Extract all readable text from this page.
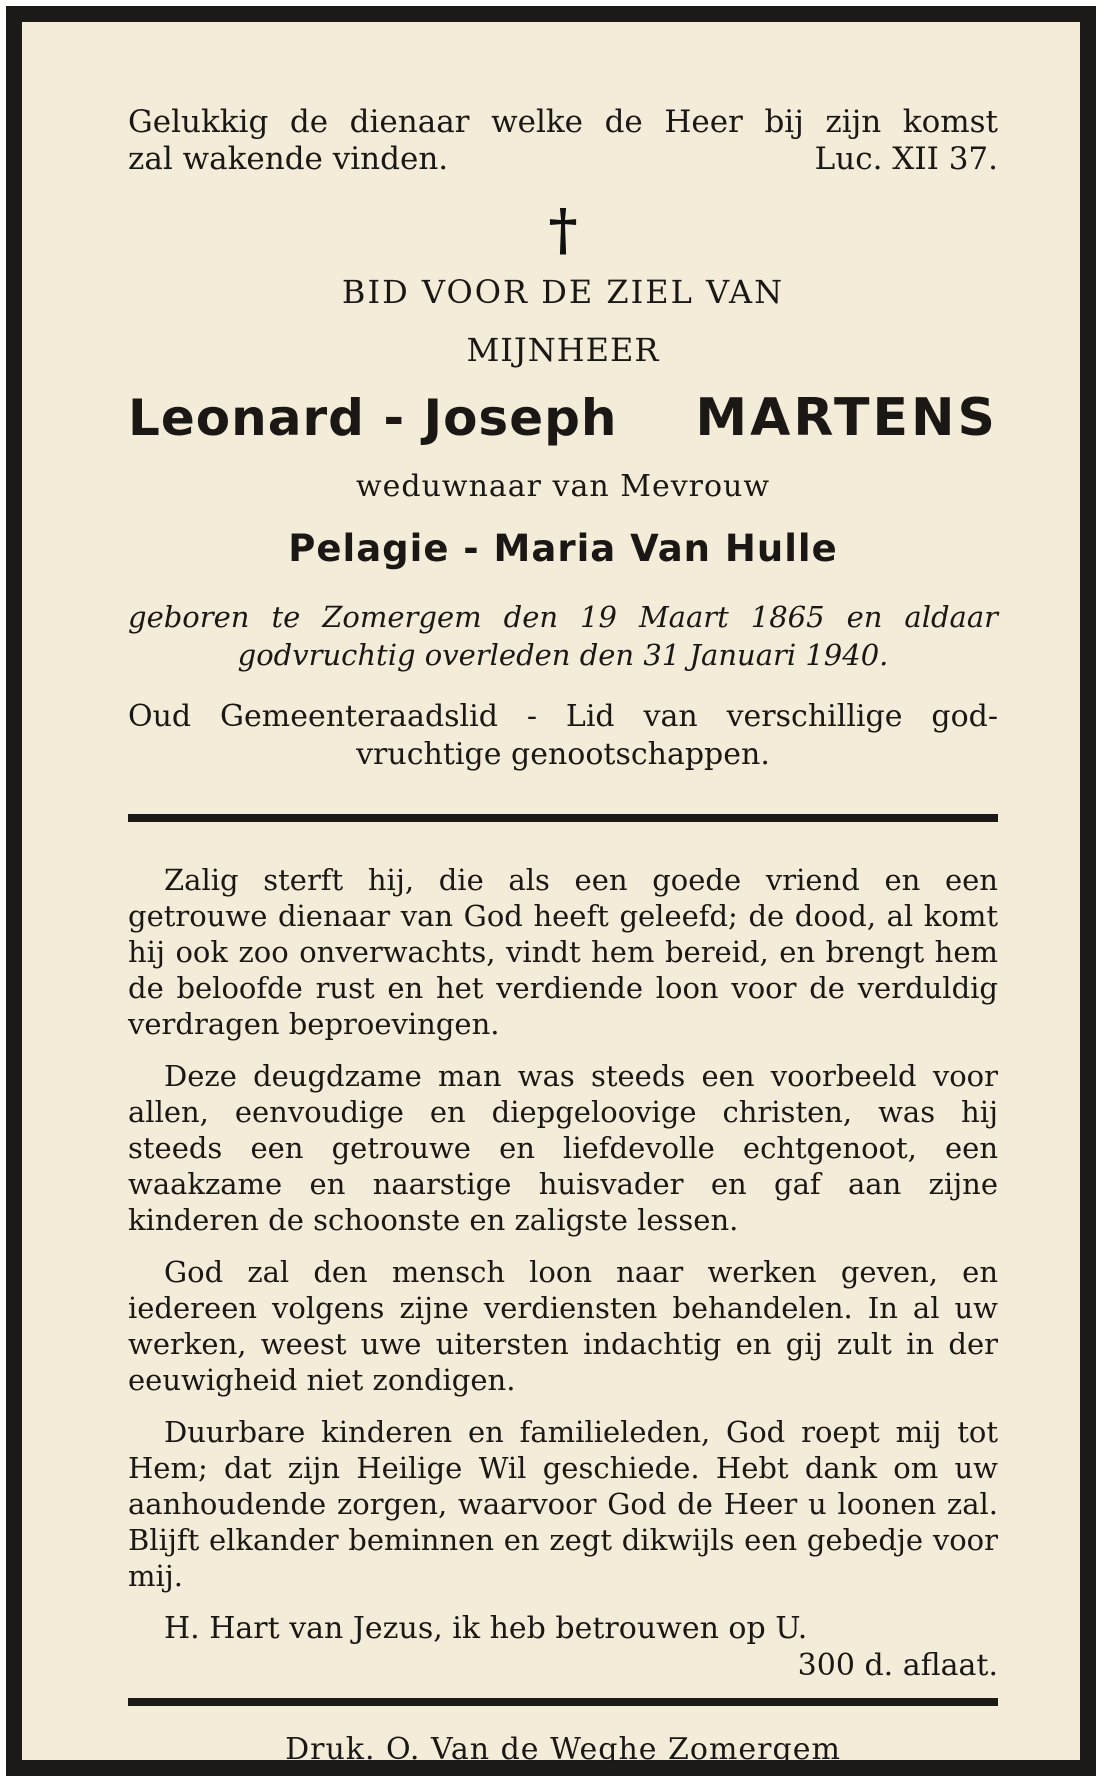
Gelukkig de dienaar welke de Heer bij zijn komst
zal wakende vinden.	Luc. XII 37.
†
BID VOOR DE ZIEL VAN
MIJNHEER
Leonard - Joseph MARTENS
weduwnaar van Mevrouw
Pelagie - Maria Van Hulle
geboren te Zomergem den 19 Maart 1865 en aldaar
godvruchtig overleden den 31 Januari 1940.
Oud Gemeenteraadslid - Lid van verschillige god-
vruchtige genootschappen.

Zalig sterft hij, die als een goede vriend en een getrouwe dienaar van God heeft geleefd; de dood, al komt hij ook zoo onverwachts, vindt hem bereid, en brengt hem de beloofde rust en het verdiende loon voor de verduldig verdragen beproevingen.

Deze deugdzame man was steeds een voorbeeld voor allen, eenvoudige en diepgeloovige christen, was hij steeds een getrouwe en liefdevolle echtgenoot, een waakzame en naarstige huisvader en gaf aan zijne kinderen de schoonste en zaligste lessen.

God zal den mensch loon naar werken geven, en iedereen volgens zijne verdiensten behandelen. In al uw werken, weest uwe uitersten indachtig en gij zult in der eeuwigheid niet zondigen.

Duurbare kinderen en familieleden, God roept mij tot Hem; dat zijn Heilige Wil geschiede. Hebt dank om uw aanhoudende zorgen, waarvoor God de Heer u loonen zal. Blijft elkander beminnen en zegt dikwijls een gebedje voor mij.

H. Hart van Jezus, ik heb betrouwen op U.
300 d. aflaat.
Druk. O. Van de Weghe Zomergem
